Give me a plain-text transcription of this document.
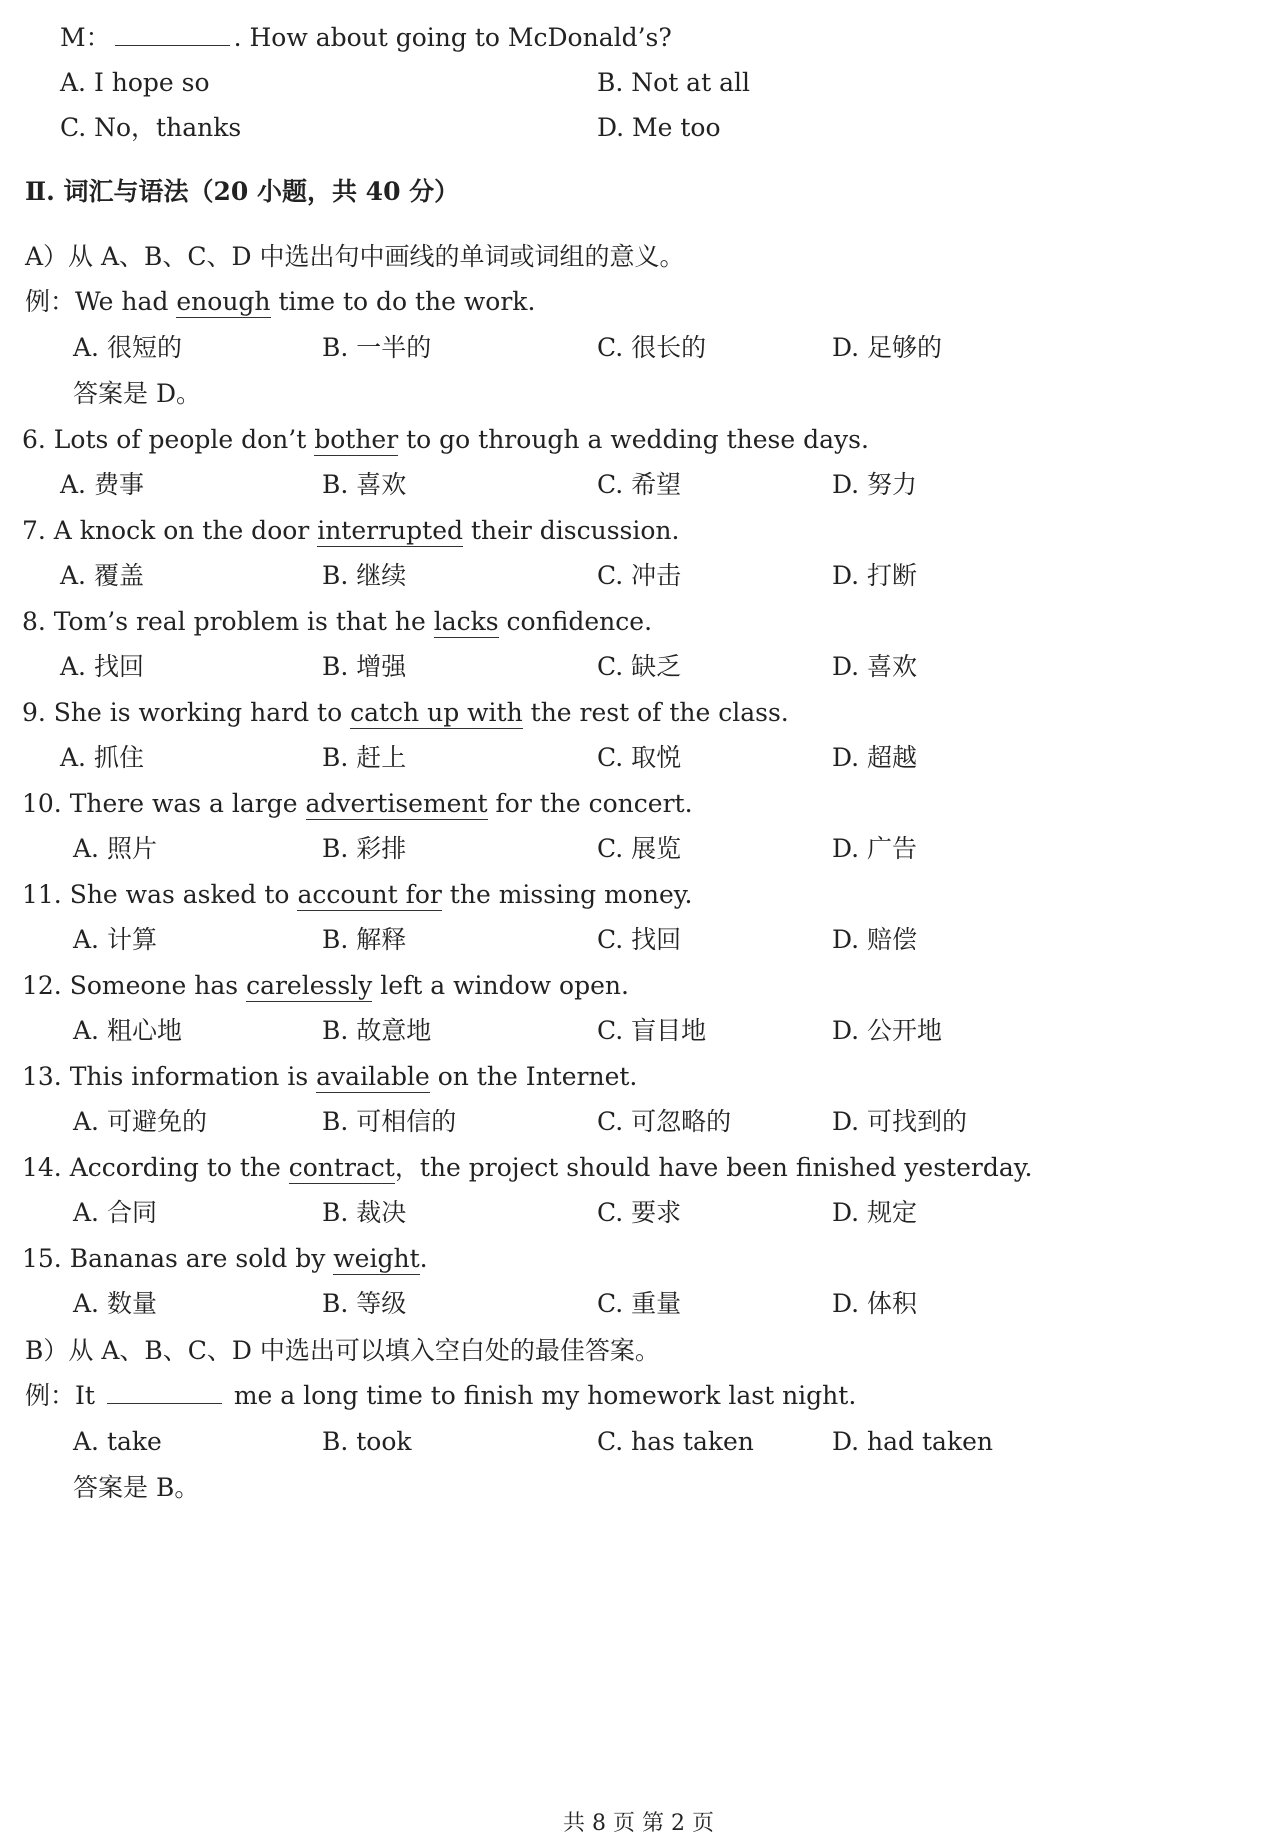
M：	. How about going to McDonald’s?
A. I hope so	B. Not at all
C. No，thanks	D. Me too
Ⅱ. 词汇与语法（20 小题，共 40 分）
A）从 A、B、C、D 中选出句中画线的单词或词组的意义。
例：We had enough time to do the work.
A. 很短的	B. 一半的	C. 很长的	D. 足够的
答案是 D。
6. Lots of people don’t bother to go through a wedding these days.
A. 费事	B. 喜欢	C. 希望	D. 努力
7. A knock on the door interrupted their discussion.
A. 覆盖	B. 继续	C. 冲击	D. 打断
8. Tom’s real problem is that he lacks confidence.
A. 找回	B. 增强	C. 缺乏	D. 喜欢
9. She is working hard to catch up with the rest of the class.
A. 抓住	B. 赶上	C. 取悦	D. 超越
10. There was a large advertisement for the concert.
A. 照片	B. 彩排	C. 展览	D. 广告
11. She was asked to account for the missing money.
A. 计算	B. 解释	C. 找回	D. 赔偿
12. Someone has carelessly left a window open.
A. 粗心地	B. 故意地	C. 盲目地	D. 公开地
13. This information is available on the Internet.
A. 可避免的	B. 可相信的	C. 可忽略的	D. 可找到的
14. According to the contract，the project should have been finished yesterday.
A. 合同	B. 裁决	C. 要求	D. 规定
15. Bananas are sold by weight.
A. 数量	B. 等级	C. 重量	D. 体积
B）从 A、B、C、D 中选出可以填入空白处的最佳答案。
例：It	me a long time to finish my homework last night.
A. take	B. took	C. has taken	D. had taken
答案是 B。
共 8 页 第 2 页
